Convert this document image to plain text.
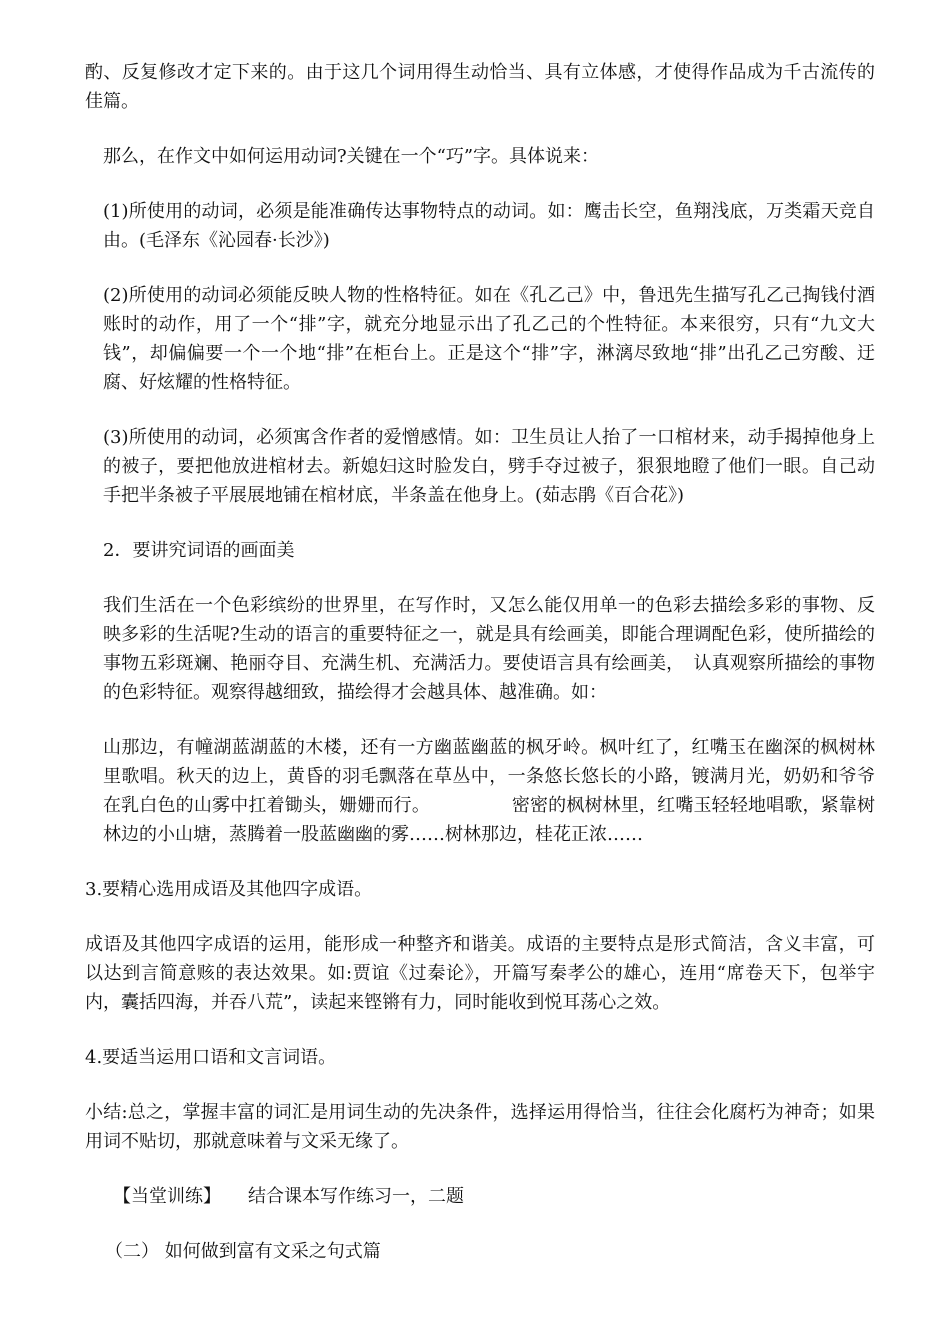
酌、反复修改才定下来的。由于这几个词用得生动恰当、具有立体感，才使得作品成为千古流传的佳篇。

那么，在作文中如何运用动词?关键在一个“巧”字。具体说来：

(1)所使用的动词，必须是能准确传达事物特点的动词。如：鹰击长空，鱼翔浅底，万类霜天竞自由。(毛泽东《沁园春·长沙》)

(2)所使用的动词必须能反映人物的性格特征。如在《孔乙己》中，鲁迅先生描写孔乙己掏钱付酒账时的动作，用了一个“排”字，就充分地显示出了孔乙己的个性特征。本来很穷，只有“九文大钱”，却偏偏要一个一个地“排”在柜台上。正是这个“排”字，淋漓尽致地“排”出孔乙己穷酸、迂腐、好炫耀的性格特征。

(3)所使用的动词，必须寓含作者的爱憎感情。如：卫生员让人抬了一口棺材来，动手揭掉他身上的被子，要把他放进棺材去。新媳妇这时脸发白，劈手夺过被子，狠狠地瞪了他们一眼。自己动手把半条被子平展展地铺在棺材底，半条盖在他身上。(茹志鹃《百合花》)

2．要讲究词语的画面美

我们生活在一个色彩缤纷的世界里，在写作时，又怎么能仅用单一的色彩去描绘多彩的事物、反映多彩的生活呢?生动的语言的重要特征之一，就是具有绘画美，即能合理调配色彩，使所描绘的事物五彩斑斓、艳丽夺目、充满生机、充满活力。要使语言具有绘画美，　认真观察所描绘的事物的色彩特征。观察得越细致，描绘得才会越具体、越准确。如：

山那边，有幢湖蓝湖蓝的木楼，还有一方幽蓝幽蓝的枫牙岭。枫叶红了，红嘴玉在幽深的枫树林里歌唱。秋天的边上，黄昏的羽毛飘落在草丛中，一条悠长悠长的小路，镀满月光，奶奶和爷爷在乳白色的山雾中扛着锄头，姗姗而行。　　　　　密密的枫树林里，红嘴玉轻轻地唱歌，紧靠树林边的小山塘，蒸腾着一股蓝幽幽的雾……树林那边，桂花正浓……

3.要精心选用成语及其他四字成语。

成语及其他四字成语的运用，能形成一种整齐和谐美。成语的主要特点是形式简洁，含义丰富，可以达到言简意赅的表达效果。如:贾谊《过秦论》，开篇写秦孝公的雄心，连用“席卷天下，包举宇内，囊括四海，并吞八荒”，读起来铿锵有力，同时能收到悦耳荡心之效。

4.要适当运用口语和文言词语。

小结:总之，掌握丰富的词汇是用词生动的先决条件，选择运用得恰当，往往会化腐朽为神奇；如果用词不贴切，那就意味着与文采无缘了。

【当堂训练】　　结合课本写作练习一，二题

（二） 如何做到富有文采之句式篇
